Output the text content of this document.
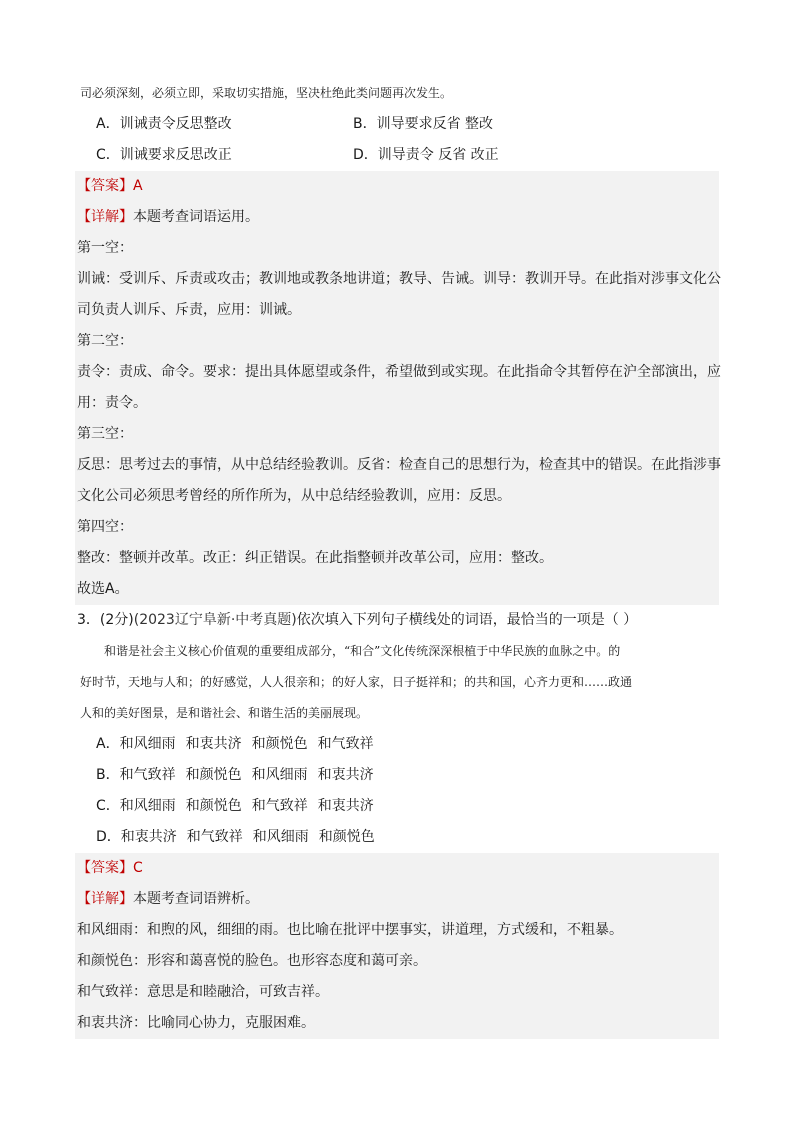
司必须深刻，必须立即，采取切实措施，坚决杜绝此类问题再次发生。
A．训诫责令反思整改	B．训导要求反省 整改
C．训诫要求反思改正	D．训导责令 反省 改正
【答案】A
【详解】本题考查词语运用。
第一空：
训诫：受训斥、斥责或攻击；教训地或教条地讲道；教导、告诫。训导：教训开导。在此指对涉事文化公
司负责人训斥、斥责，应用：训诫。
第二空：
责令：责成、命令。要求：提出具体愿望或条件，希望做到或实现。在此指命令其暂停在沪全部演出，应
用：责令。
第三空：
反思：思考过去的事情，从中总结经验教训。反省：检查自己的思想行为，检查其中的错误。在此指涉事
文化公司必须思考曾经的所作所为，从中总结经验教训，应用：反思。
第四空：
整改：整顿并改革。改正：纠正错误。在此指整顿并改革公司，应用：整改。
故选A。
3．(2分)(2023辽宁阜新·中考真题)依次填入下列句子横线处的词语，最恰当的一项是（ ）
和谐是社会主义核心价值观的重要组成部分，“和合”文化传统深深根植于中华民族的血脉之中。的
好时节，天地与人和；的好感觉，人人很亲和；的好人家，日子挺祥和；的共和国，心齐力更和……政通
人和的美好图景，是和谐社会、和谐生活的美丽展现。
A．和风细雨 和衷共济 和颜悦色 和气致祥
B．和气致祥 和颜悦色 和风细雨 和衷共济
C．和风细雨 和颜悦色 和气致祥 和衷共济
D．和衷共济 和气致祥 和风细雨 和颜悦色
【答案】C
【详解】本题考查词语辨析。
和风细雨：和煦的风，细细的雨。也比喻在批评中摆事实，讲道理，方式缓和，不粗暴。
和颜悦色：形容和蔼喜悦的脸色。也形容态度和蔼可亲。
和气致祥：意思是和睦融洽，可致吉祥。
和衷共济：比喻同心协力，克服困难。
